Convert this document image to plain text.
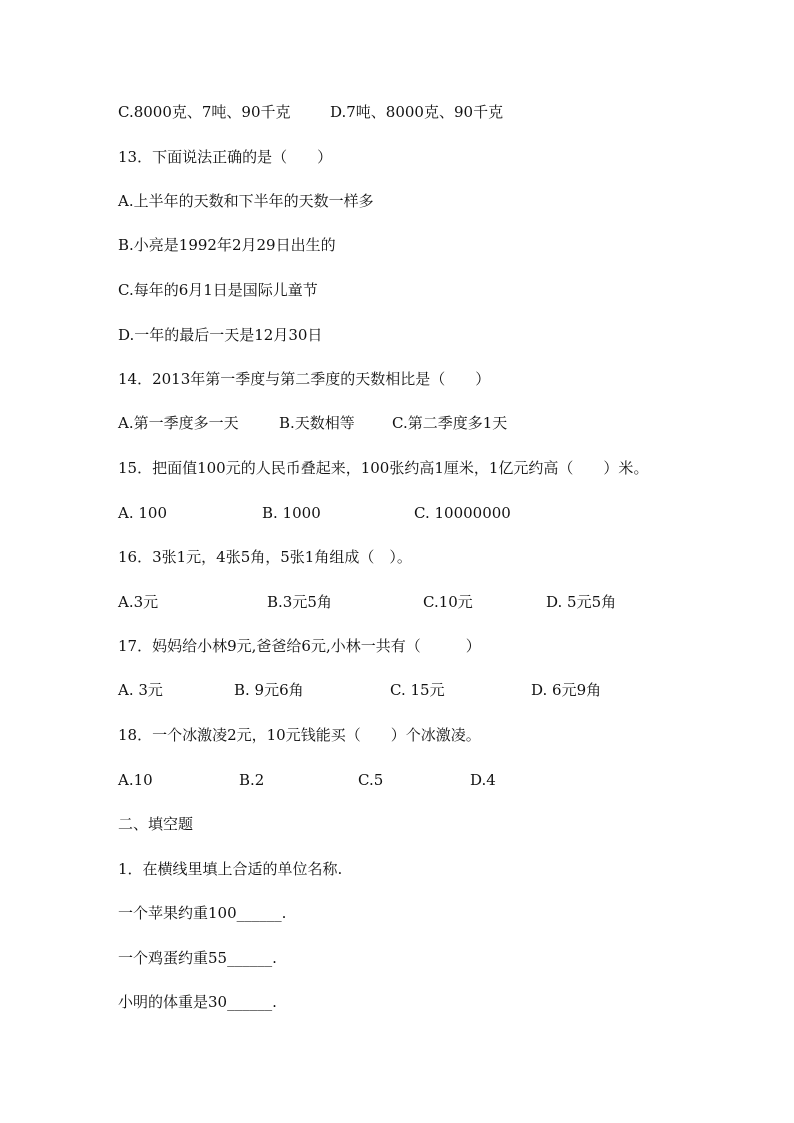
C.8000克、7吨、90千克	D.7吨、8000克、90千克
13．下面说法正确的是（　　）
A.上半年的天数和下半年的天数一样多
B.小亮是1992年2月29日出生的
C.每年的6月1日是国际儿童节
D.一年的最后一天是12月30日
14．2013年第一季度与第二季度的天数相比是（　　）
A.第一季度多一天	B.天数相等 C.第二季度多1天
15．把面值100元的人民币叠起来，100张约高1厘米，1亿元约高（　　）米。
A. 100	B. 1000	C. 10000000
16．3张1元，4张5角，5张1角组成（　）。
A.3元	B.3元5角	C.10元	D. 5元5角
17．妈妈给小林9元,爸爸给6元,小林一共有（　　　）
A. 3元	B. 9元6角	C. 15元	D. 6元9角
18．一个冰激凌2元，10元钱能买（　　）个冰激凌。
A.10	B.2	C.5	D.4
二、填空题
1．在横线里填上合适的单位名称.
一个苹果约重100______.
一个鸡蛋约重55______.
小明的体重是30______.
